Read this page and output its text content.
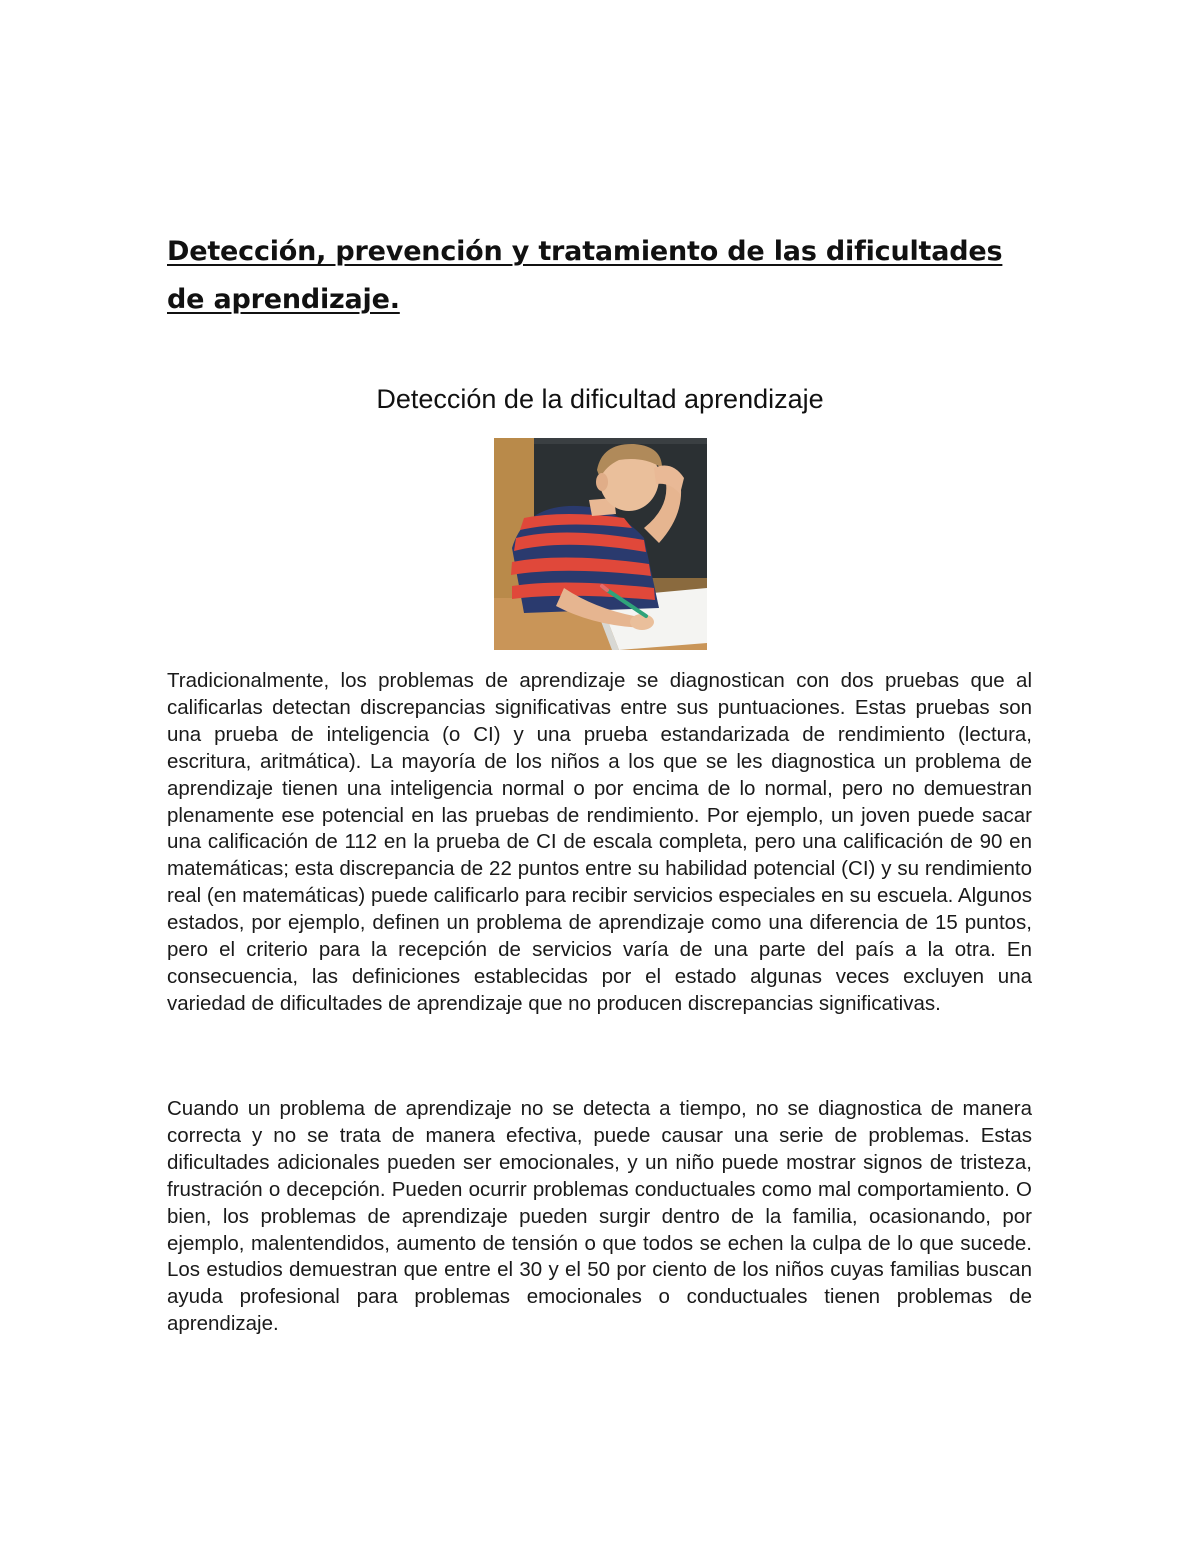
Detección, prevención y tratamiento de las dificultades de aprendizaje.
Detección de la dificultad aprendizaje

Tradicionalmente, los problemas de aprendizaje se diagnostican con dos pruebas que al calificarlas detectan discrepancias significativas entre sus puntuaciones. Estas pruebas son una prueba de inteligencia (o CI) y una prueba estandarizada de rendimiento (lectura, escritura, aritmática). La mayoría de los niños a los que se les diagnostica un problema de aprendizaje tienen una inteligencia normal o por encima de lo normal, pero no demuestran plenamente ese potencial en las pruebas de rendimiento. Por ejemplo, un joven puede sacar una calificación de 112 en la prueba de CI de escala completa, pero una calificación de 90 en matemáticas; esta discrepancia de 22 puntos entre su habilidad potencial (CI) y su rendimiento real (en matemáticas) puede calificarlo para recibir servicios especiales en su escuela. Algunos estados, por ejemplo, definen un problema de aprendizaje como una diferencia de 15 puntos, pero el criterio para la recepción de servicios varía de una parte del país a la otra. En consecuencia, las definiciones establecidas por el estado algunas veces excluyen una variedad de dificultades de aprendizaje que no producen discrepancias significativas.

Cuando un problema de aprendizaje no se detecta a tiempo, no se diagnostica de manera correcta y no se trata de manera efectiva, puede causar una serie de problemas. Estas dificultades adicionales pueden ser emocionales, y un niño puede mostrar signos de tristeza, frustración o decepción. Pueden ocurrir problemas conductuales como mal comportamiento. O bien, los problemas de aprendizaje pueden surgir dentro de la familia, ocasionando, por ejemplo, malentendidos, aumento de tensión o que todos se echen la culpa de lo que sucede. Los estudios demuestran que entre el 30 y el 50 por ciento de los niños cuyas familias buscan ayuda profesional para problemas emocionales o conductuales tienen problemas de aprendizaje.
